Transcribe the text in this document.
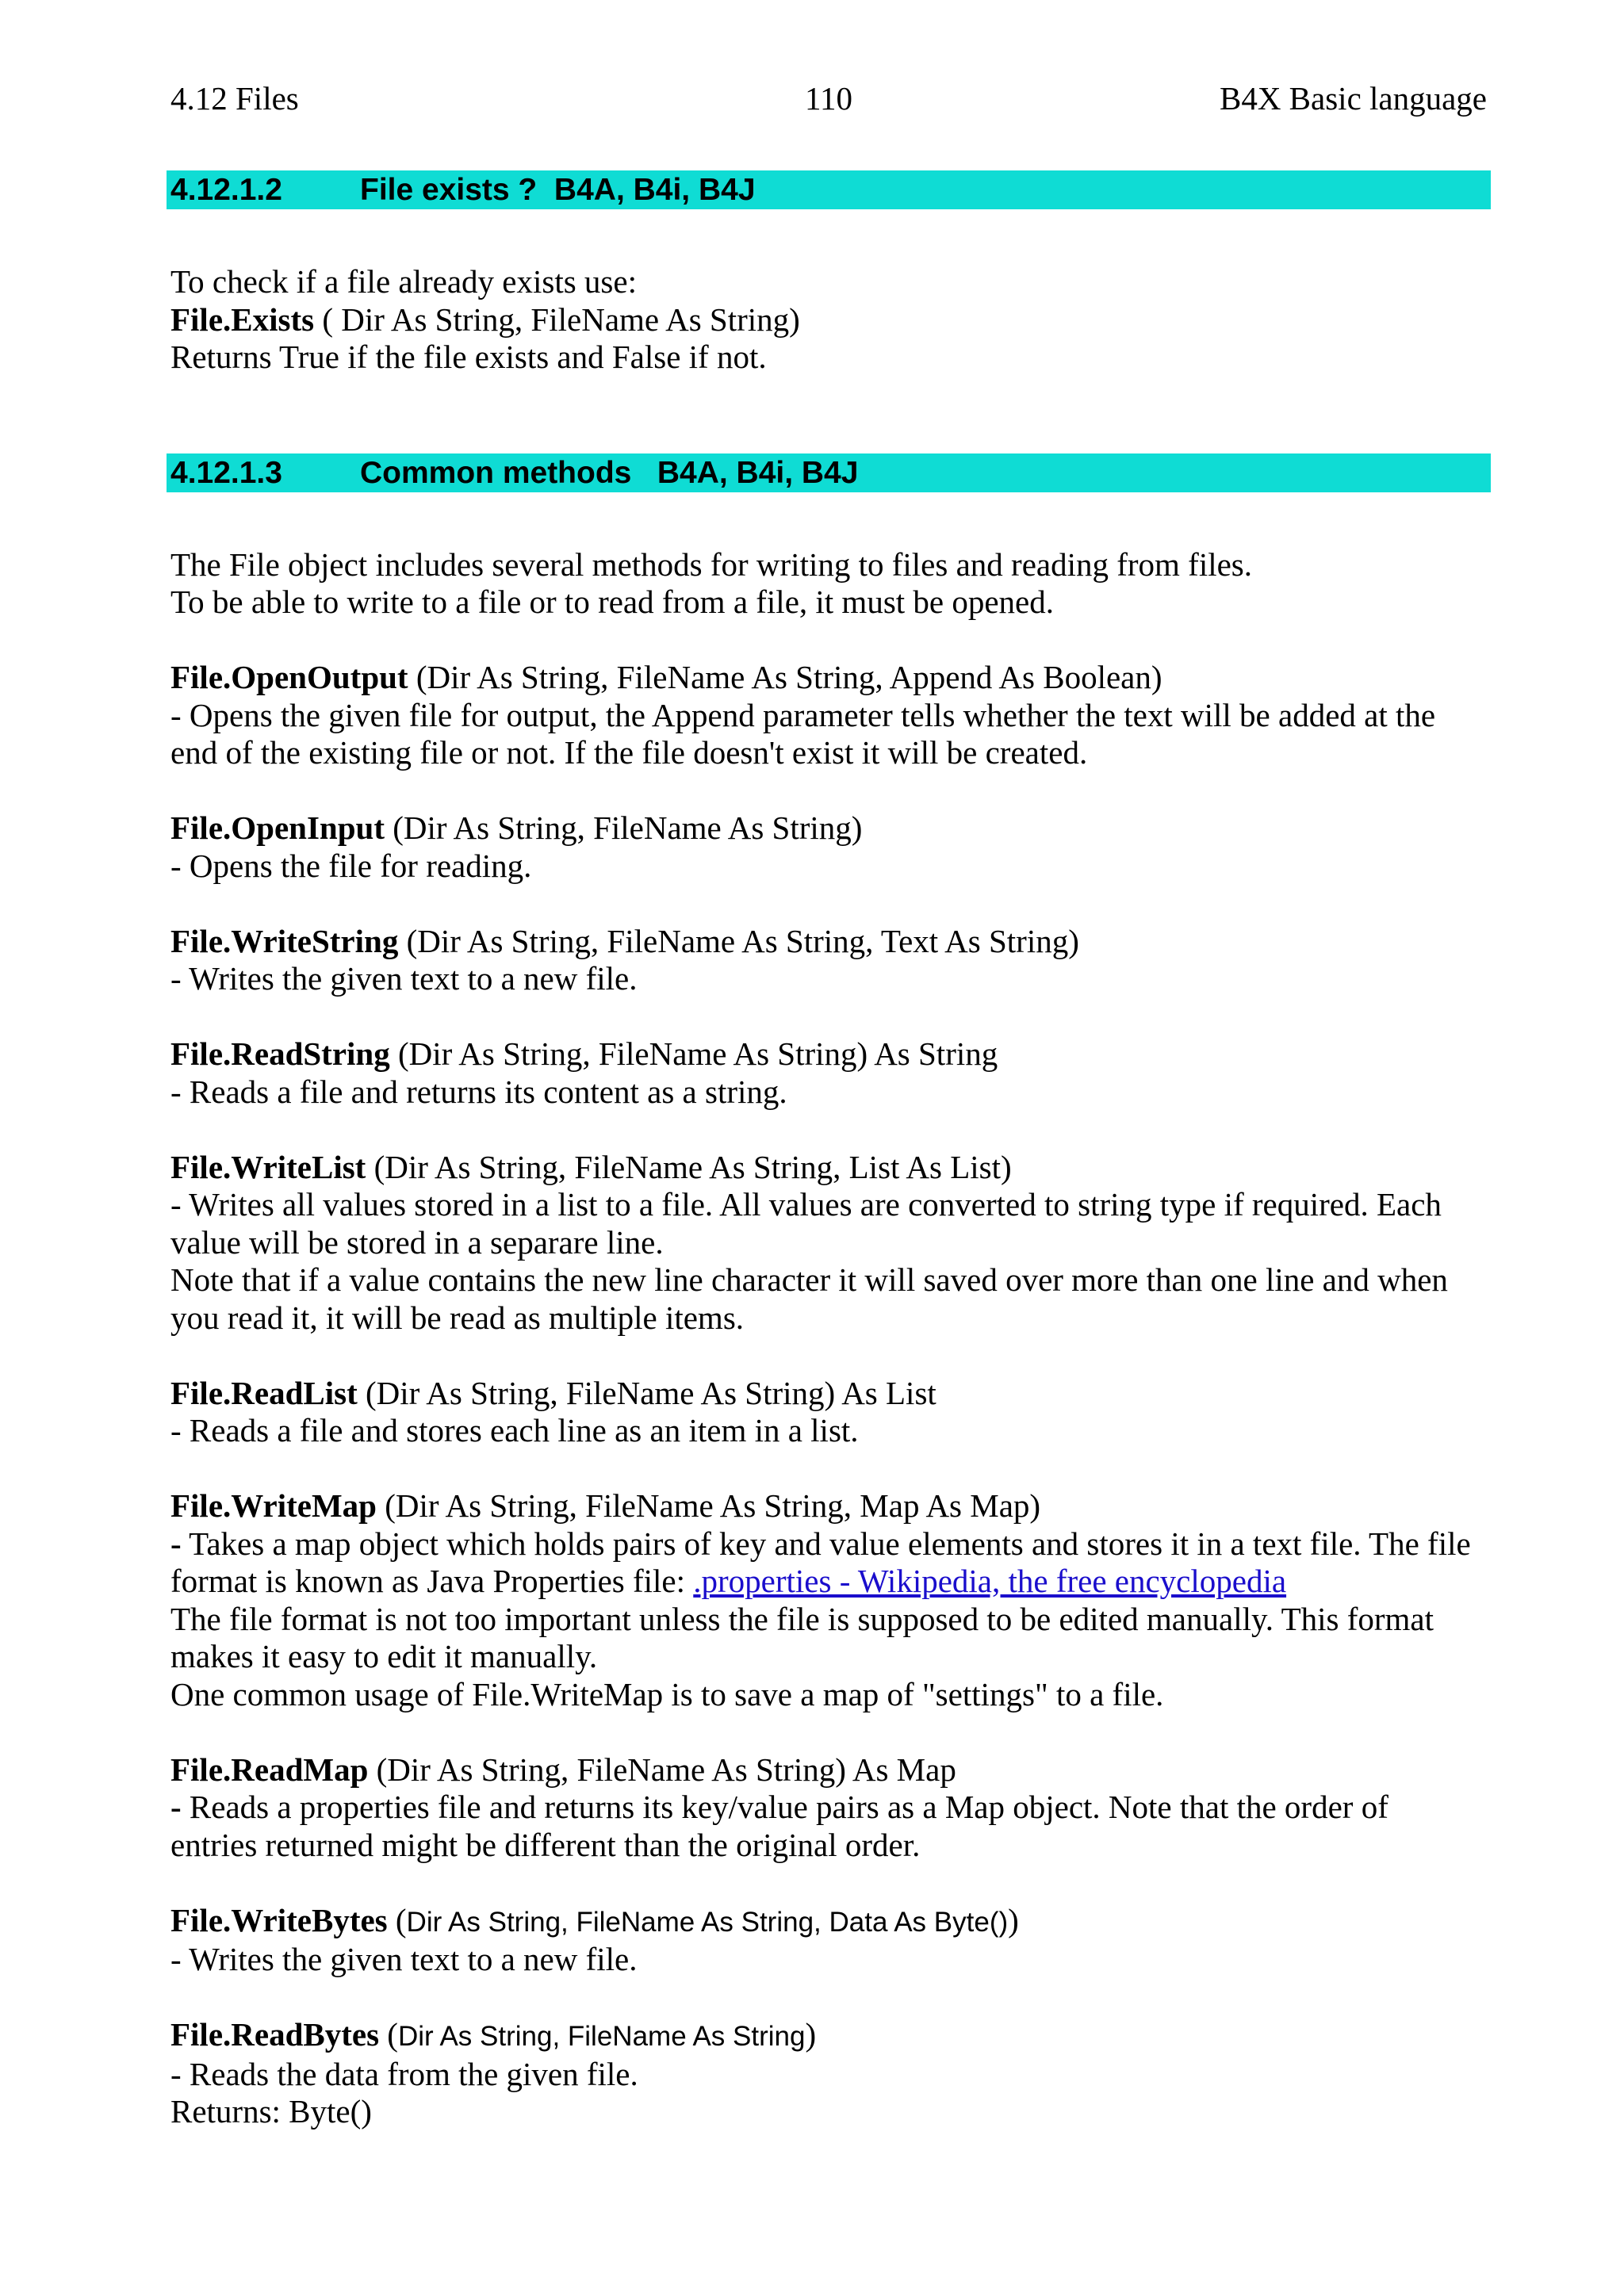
110
4.12 Files	B4X Basic language
4.12.1.2	File exists ?  B4A, B4i, B4J

To check if a file already exists use:
File.Exists ( Dir As String, FileName As String)
Returns True if the file exists and False if not.

4.12.1.3	Common methods   B4A, B4i, B4J

The File object includes several methods for writing to files and reading from files.
To be able to write to a file or to read from a file, it must be opened.
File.OpenOutput (Dir As String, FileName As String, Append As Boolean)
- Opens the given file for output, the Append parameter tells whether the text will be added at the
end of the existing file or not. If the file doesn't exist it will be created.
File.OpenInput (Dir As String, FileName As String)
- Opens the file for reading.
File.WriteString (Dir As String, FileName As String, Text As String)
- Writes the given text to a new file.
File.ReadString (Dir As String, FileName As String) As String
- Reads a file and returns its content as a string.
File.WriteList (Dir As String, FileName As String, List As List)
- Writes all values stored in a list to a file. All values are converted to string type if required. Each
value will be stored in a separare line.
Note that if a value contains the new line character it will saved over more than one line and when
you read it, it will be read as multiple items.
File.ReadList (Dir As String, FileName As String) As List
- Reads a file and stores each line as an item in a list.
File.WriteMap (Dir As String, FileName As String, Map As Map)
- Takes a map object which holds pairs of key and value elements and stores it in a text file. The file
format is known as Java Properties file: .properties - Wikipedia, the free encyclopedia
The file format is not too important unless the file is supposed to be edited manually. This format
makes it easy to edit it manually.
One common usage of File.WriteMap is to save a map of "settings" to a file.
File.ReadMap (Dir As String, FileName As String) As Map
- Reads a properties file and returns its key/value pairs as a Map object. Note that the order of
entries returned might be different than the original order.
File.WriteBytes (Dir As String, FileName As String, Data As Byte())
- Writes the given text to a new file.
File.ReadBytes (Dir As String, FileName As String)
- Reads the data from the given file.
Returns: Byte()
